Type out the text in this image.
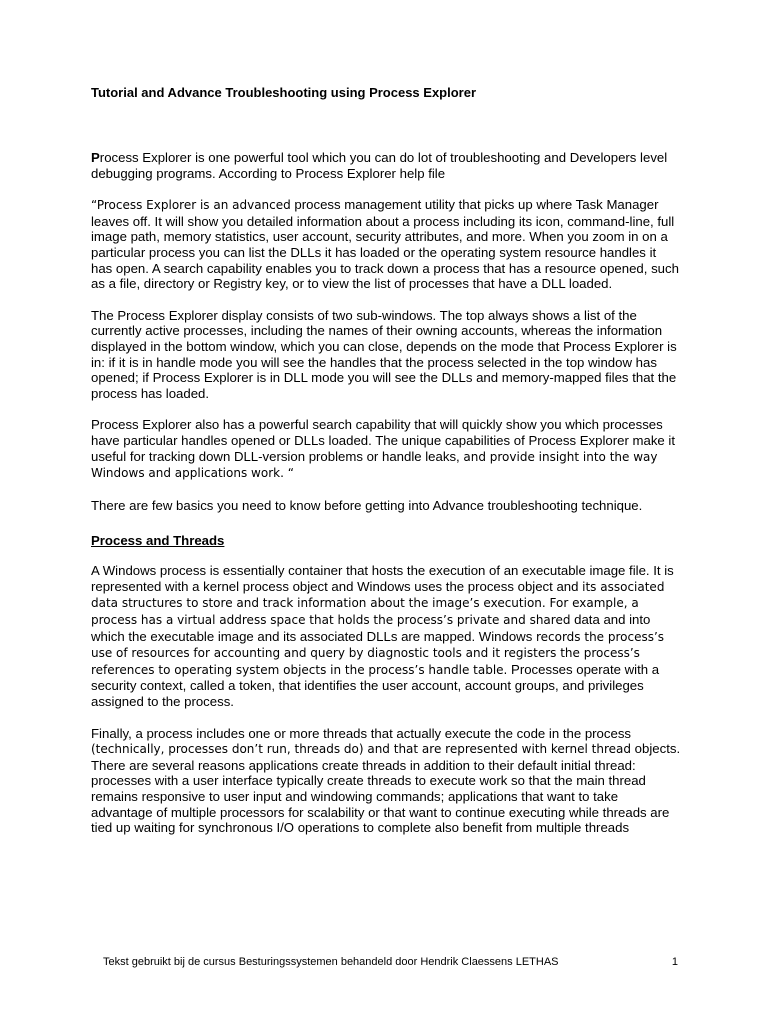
Tutorial and Advance Troubleshooting using Process Explorer

Process Explorer is one powerful tool which you can do lot of troubleshooting and Developers level debugging programs. According to Process Explorer help file

“Process Explorer is an advanced process management utility that picks up where Task Manager leaves off. It will show you detailed information about a process including its icon, command-line, full image path, memory statistics, user account, security attributes, and more. When you zoom in on a particular process you can list the DLLs it has loaded or the operating system resource handles it has open. A search capability enables you to track down a process that has a resource opened, such as a file, directory or Registry key, or to view the list of processes that have a DLL loaded.

The Process Explorer display consists of two sub-windows. The top always shows a list of the currently active processes, including the names of their owning accounts, whereas the information displayed in the bottom window, which you can close, depends on the mode that Process Explorer is in: if it is in handle mode you will see the handles that the process selected in the top window has opened; if Process Explorer is in DLL mode you will see the DLLs and memory-mapped files that the process has loaded.

Process Explorer also has a powerful search capability that will quickly show you which processes have particular handles opened or DLLs loaded. The unique capabilities of Process Explorer make it useful for tracking down DLL-version problems or handle leaks, and provide insight into the way Windows and applications work. “

There are few basics you need to know before getting into Advance troubleshooting technique.

Process and Threads

A Windows process is essentially container that hosts the execution of an executable image file. It is represented with a kernel process object and Windows uses the process object and its associated data structures to store and track information about the image’s execution. For example, a process has a virtual address space that holds the process’s private and shared data and into which the executable image and its associated DLLs are mapped. Windows records the process’s use of resources for accounting and query by diagnostic tools and it registers the process’s references to operating system objects in the process’s handle table. Processes operate with a security context, called a token, that identifies the user account, account groups, and privileges assigned to the process.

Finally, a process includes one or more threads that actually execute the code in the process (technically, processes don’t run, threads do) and that are represented with kernel thread objects. There are several reasons applications create threads in addition to their default initial thread: processes with a user interface typically create threads to execute work so that the main thread remains responsive to user input and windowing commands; applications that want to take advantage of multiple processors for scalability or that want to continue executing while threads are tied up waiting for synchronous I/O operations to complete also benefit from multiple threads

Tekst gebruikt bij de cursus Besturingssystemen behandeld door Hendrik Claessens LETHAS	1
